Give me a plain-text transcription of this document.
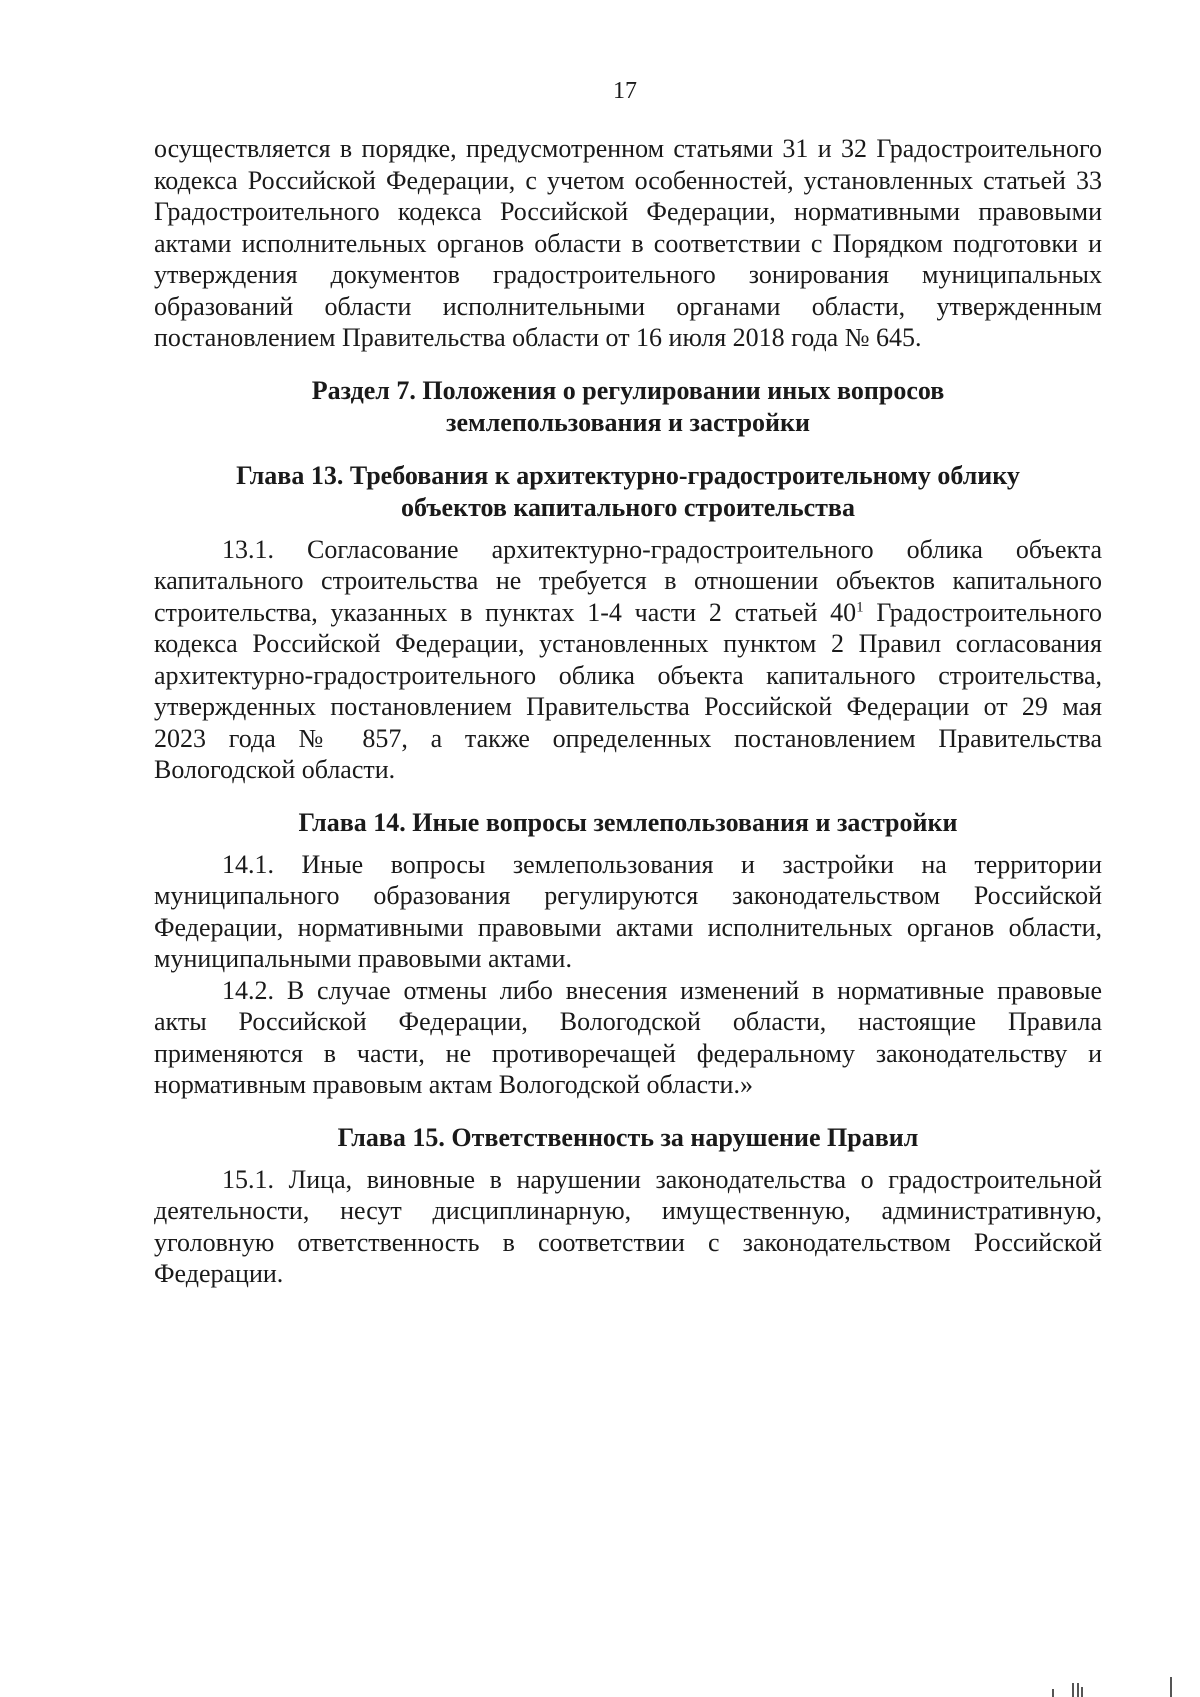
17

осуществляется в порядке, предусмотренном статьями 31 и 32 Градостроительного кодекса Российской Федерации, с учетом особенностей, установленных статьей 33 Градостроительного кодекса Российской Федерации, нормативными правовыми актами исполнительных органов области в соответствии с Порядком подготовки и утверждения документов градостроительного зонирования муниципальных образований области исполнительными органами области, утвержденным постановлением Правительства области от 16 июля 2018 года № 645.

Раздел 7. Положения о регулировании иных вопросов
землепользования и застройки
Глава 13. Требования к архитектурно-градостроительному облику
объектов капитального строительства

13.1. Согласование архитектурно-градостроительного облика объекта капитального строительства не требуется в отношении объектов капитального строительства, указанных в пунктах 1-4 части 2 статьей $40^1$ Градостроительного кодекса Российской Федерации, установленных пунктом 2 Правил согласования архитектурно-градостроительного облика объекта капитального строительства, утвержденных постановлением Правительства Российской Федерации от 29 мая 2023 года № 857, а также определенных постановлением Правительства Вологодской области.

Глава 14. Иные вопросы землепользования и застройки

14.1. Иные вопросы землепользования и застройки на территории муниципального образования регулируются законодательством Российской Федерации, нормативными правовыми актами исполнительных органов области, муниципальными правовыми актами.

14.2. В случае отмены либо внесения изменений в нормативные правовые акты Российской Федерации, Вологодской области, настоящие Правила применяются в части, не противоречащей федеральному законодательству и нормативным правовым актам Вологодской области.»

Глава 15. Ответственность за нарушение Правил

15.1. Лица, виновные в нарушении законодательства о градостроительной деятельности, несут дисциплинарную, имущественную, административную, уголовную ответственность в соответствии с законодательством Российской Федерации.
